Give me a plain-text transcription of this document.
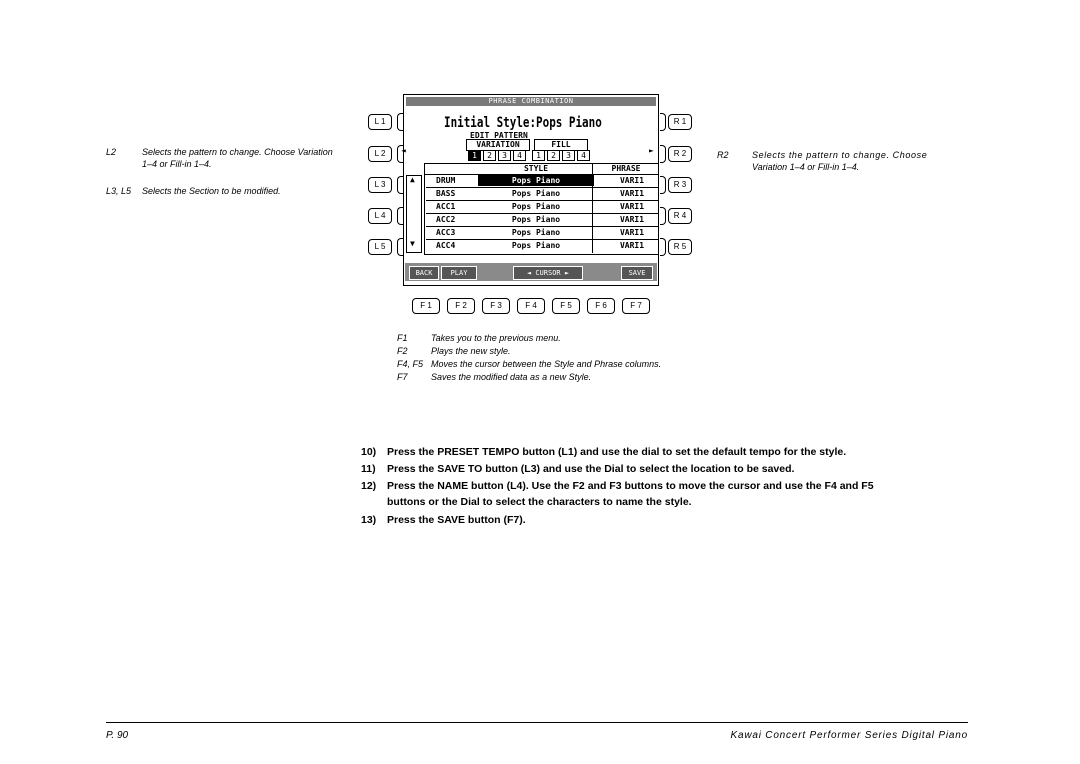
L2	Selects the pattern to change. Choose Variation
1–4 or Fill-in 1–4.
L3, L5 Selects the Section to be modified.
R2	Selects the pattern to change. Choose
Variation 1–4 or Fill-in 1–4.
L 1
L 2
L 3
L 4
L 5
R 1
R 2
R 3
R 4
R 5
PHRASE COMBINATION
Initial Style:Pops Piano
EDIT PATTERN
◄	►
VARIATION	FILL
1	2	3	4	1	2	3	4
STYLE	PHRASE
▲
▼
DRUM	Pops Piano	VARI1
BASS	Pops Piano	VARI1
ACC1	Pops Piano	VARI1
ACC2	Pops Piano	VARI1
ACC3	Pops Piano	VARI1
ACC4	Pops Piano	VARI1
BACK	PLAY	◄ CURSOR ►	SAVE
F 1	F 2	F 3	F 4	F 5	F 6	F 7
F1	Takes you to the previous menu.
F2	Plays the new style.
F4, F5 Moves the cursor between the Style and Phrase columns.
F7	Saves the modified data as a new Style.
10) Press the PRESET TEMPO button (L1) and use the dial to set the default tempo for the style.
11) Press the SAVE TO button (L3) and use the Dial to select the location to be saved.
12) Press the NAME button (L4). Use the F2 and F3 buttons to move the cursor and use the F4 and F5
buttons or the Dial to select the characters to name the style.
13) Press the SAVE button (F7).
P. 90	Kawai Concert Performer Series Digital Piano
